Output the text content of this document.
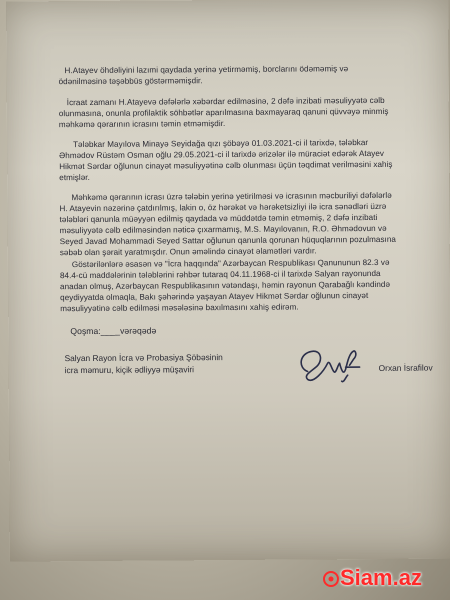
H.Atayev öhdəliyini lazımi qaydada yerinə yetirməmiş, borclarını ödəməmiş və
ödənilməsinə təşəbbüs göstərməmişdir.
İcraat zamanı H.Atayevə dəfələrlə xəbərdar edilməsinə, 2 dəfə inzibati məsuliyyətə cəlb
olunmasına, onunla profilaktik söhbətlər aparılmasına baxmayaraq qanuni qüvvəyə minmiş
məhkəmə qərarının icrasını təmin etməmişdir.
Tələbkar Mayılova Minayə Seyidağa qızı şöbəyə 01.03.2021-ci il tarixdə, tələbkar
Əhmədov Rüstəm Osman oğlu 29.05.2021-ci il tarixdə ərizələr ilə müraciət edərək Atayev
Hikmət Sərdar oğlunun cinayət məsuliyyətinə cəlb olunması üçün təqdimat verilməsini xahiş
etmişlər.
Məhkəmə qərarının icrası üzrə tələbin yerinə yetirilməsi və icrasının məcburiliyi dəfələrlə
H. Atayevin nəzərinə çatdırılmış, lakin o, öz hərəkət və hərəketsizliyi ilə icra sənədləri üzrə
tələbləri qanunla müəyyən edilmiş qaydada və müddətdə təmin etməmiş, 2 dəfə inzibati
məsuliyyətə cəlb edilməsindən nəticə çıxarmamış, M.S. Mayılovanın, R.O. Əhmədovun və
Seyed Javad Mohammadi Seyed Sattar oğlunun qanunla qorunan hüquqlarının pozulmasına
səbəb olan şərait yaratmışdır. Onun əməlində cinayət əlamətləri vardır.
Göstərilənlərə əsasən və "İcra haqqında" Azərbaycan Respublikası Qanununun 82.3 və
84.4-cü maddələrinin tələblərini rəhbər tutaraq 04.11.1968-ci il tarixdə Salyan rayonunda
anadan olmuş, Azərbaycan Respublikasının vətəndaşı, həmin rayonun Qarabağlı kəndində
qeydiyyatda olmaqla, Bakı şəhərində yaşayan Atayev Hikmət Sərdar oğlunun cinayət
məsuliyyətinə cəlb edilməsi məsələsinə baxılmasını xahiş edirəm.
Qoşma:____vərəqədə
Salyan Rayon İcra və Probasiya Şöbəsinin
icra məmuru, kiçik ədliyyə müşaviri	Orxan İsrafilov
Siam.az
